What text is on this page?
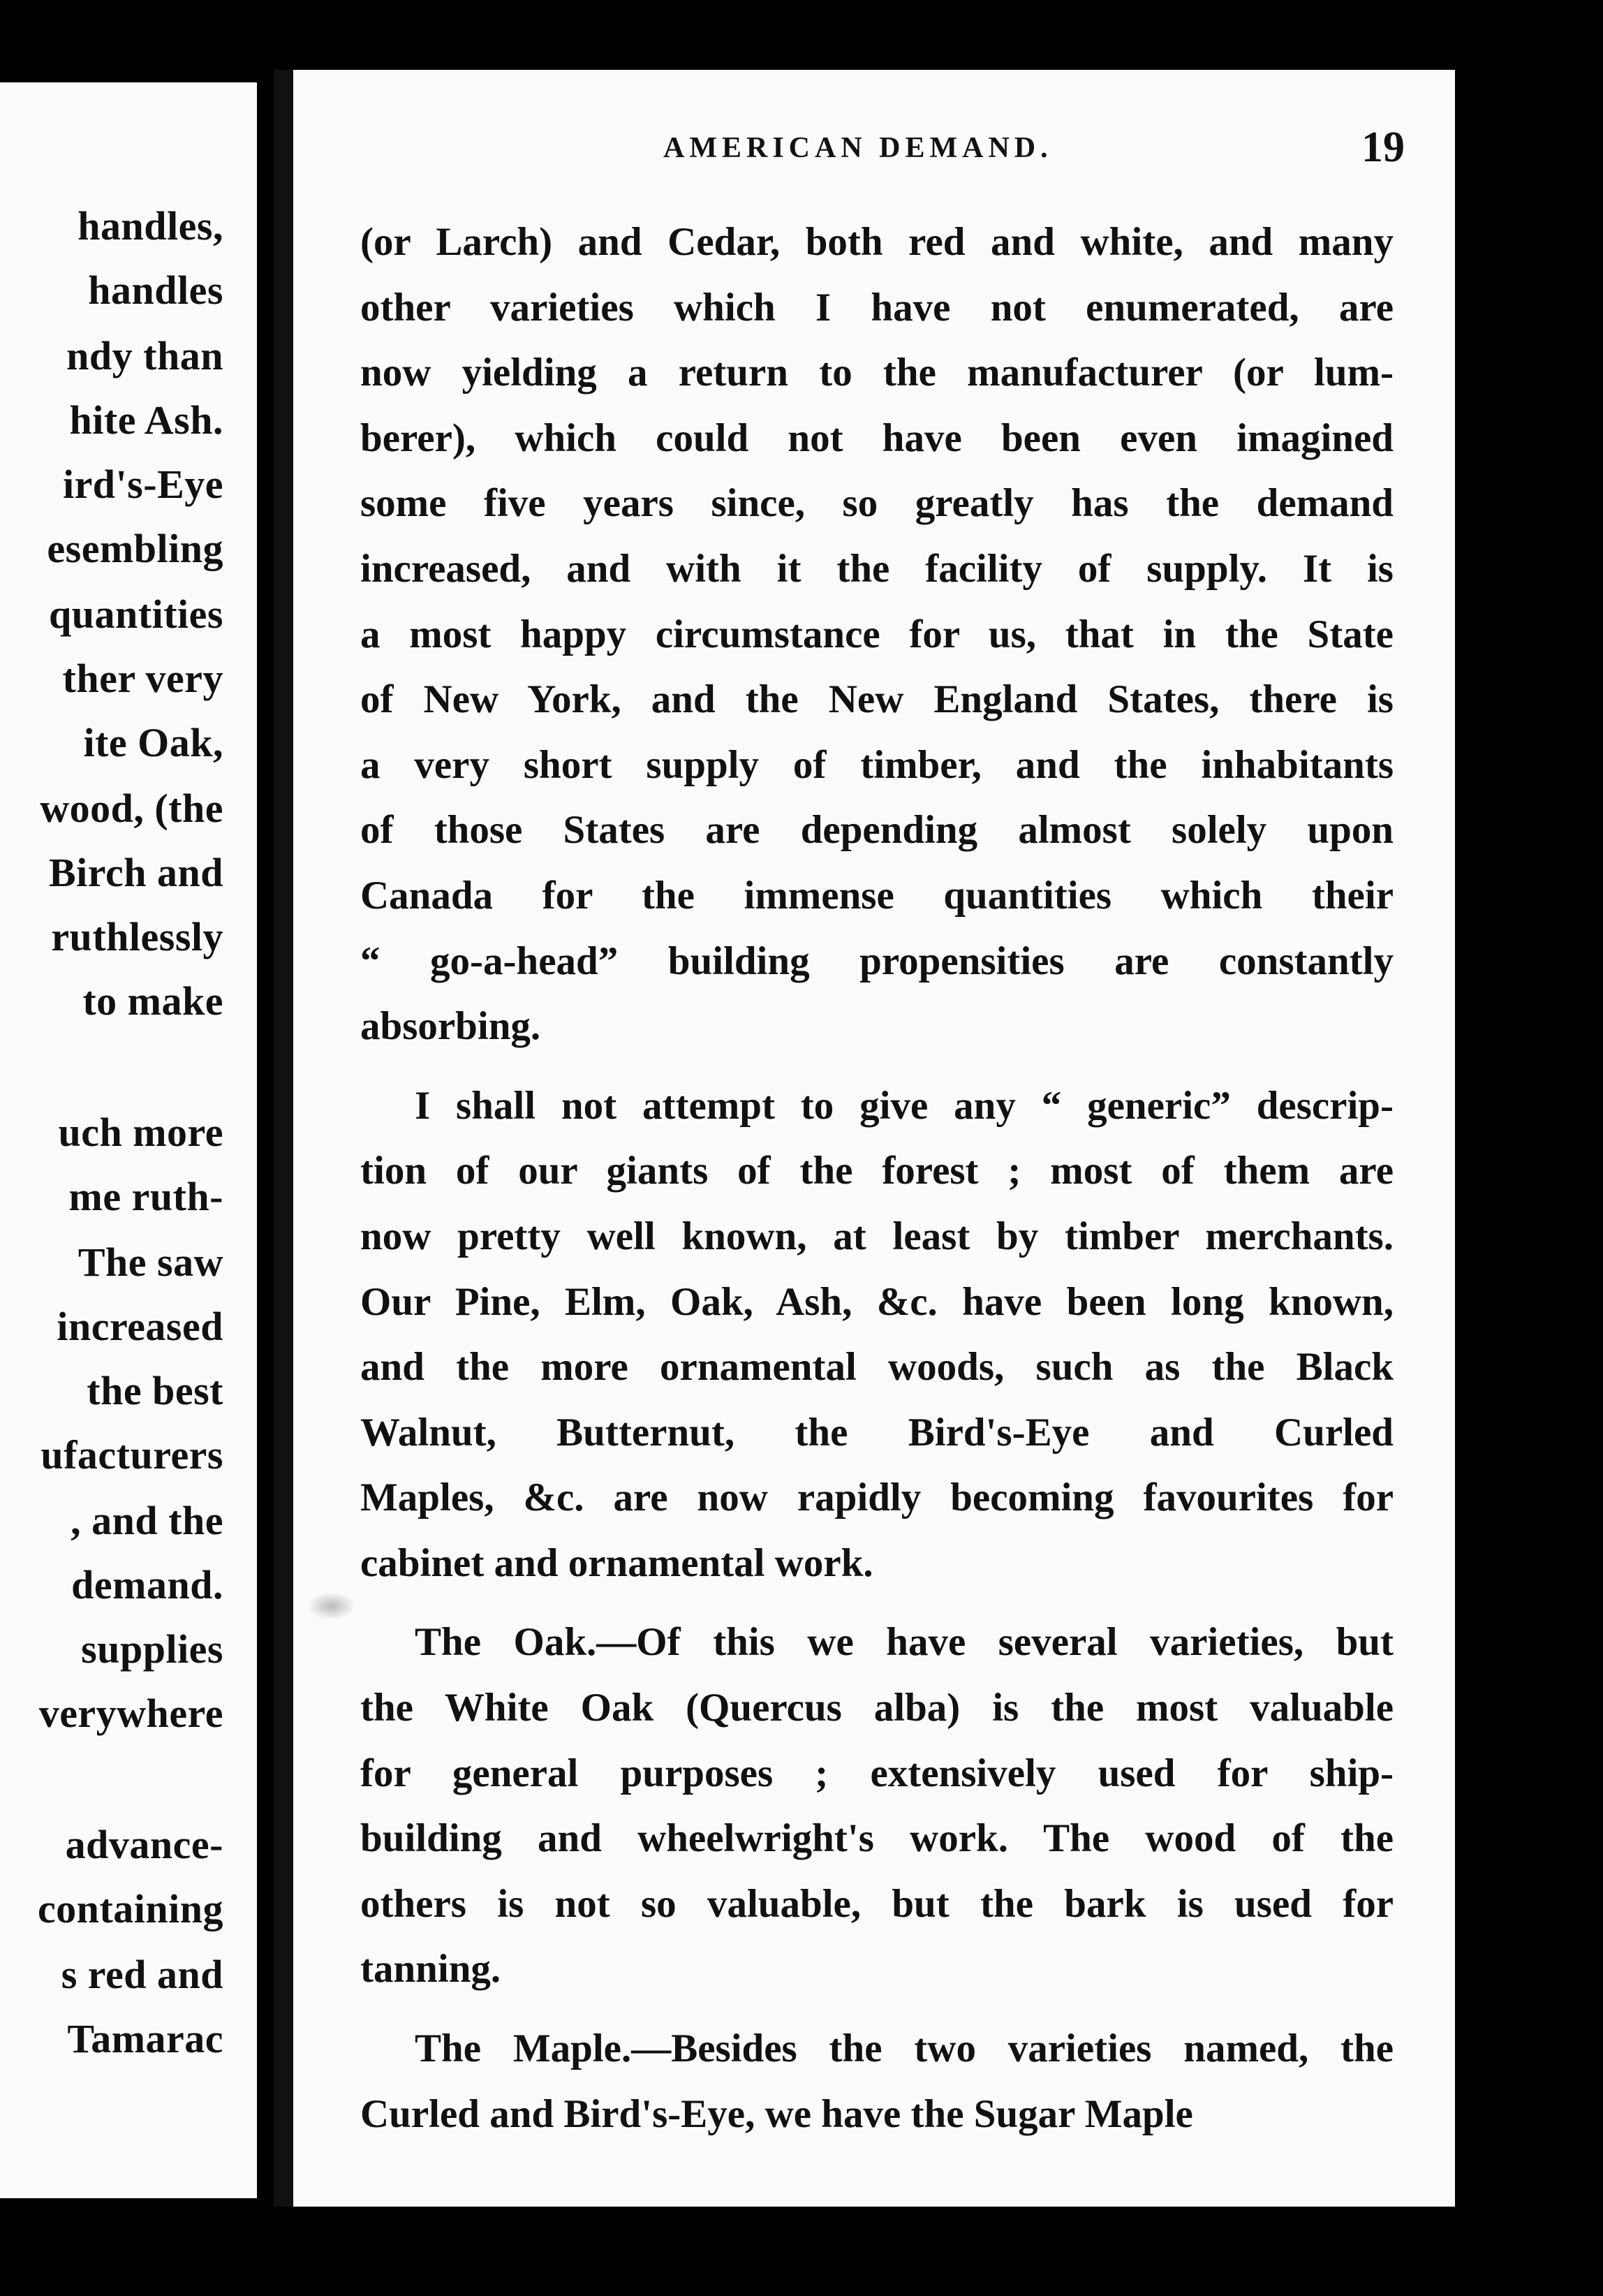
handles,
handles
ndy than
hite Ash.
ird's-Eye
esembling
quantities
ther very
ite Oak,
wood, (the
Birch and
ruthlessly
to make
uch more
me ruth-
The saw
increased
the best
ufacturers
, and the
demand.
supplies
verywhere
advance-
containing
s red and
Tamarac
AMERICAN DEMAND.	19
(or Larch) and Cedar, both red and white, and many
other varieties which I have not enumerated, are
now yielding a return to the manufacturer (or lum-
berer), which could not have been even imagined
some five years since, so greatly has the demand
increased, and with it the facility of supply. It is
a most happy circumstance for us, that in the State
of New York, and the New England States, there is
a very short supply of timber, and the inhabitants
of those States are depending almost solely upon
Canada for the immense quantities which their
“ go-a-head” building propensities are constantly
absorbing.
I shall not attempt to give any “ generic” descrip-
tion of our giants of the forest ; most of them are
now pretty well known, at least by timber merchants.
Our Pine, Elm, Oak, Ash, &c. have been long known,
and the more ornamental woods, such as the Black
Walnut, Butternut, the Bird's-Eye and Curled
Maples, &c. are now rapidly becoming favourites for
cabinet and ornamental work.
The Oak.—Of this we have several varieties, but
the White Oak (Quercus alba) is the most valuable
for general purposes ; extensively used for ship-
building and wheelwright's work. The wood of the
others is not so valuable, but the bark is used for
tanning.
The Maple.—Besides the two varieties named, the
Curled and Bird's-Eye, we have the Sugar Maple
